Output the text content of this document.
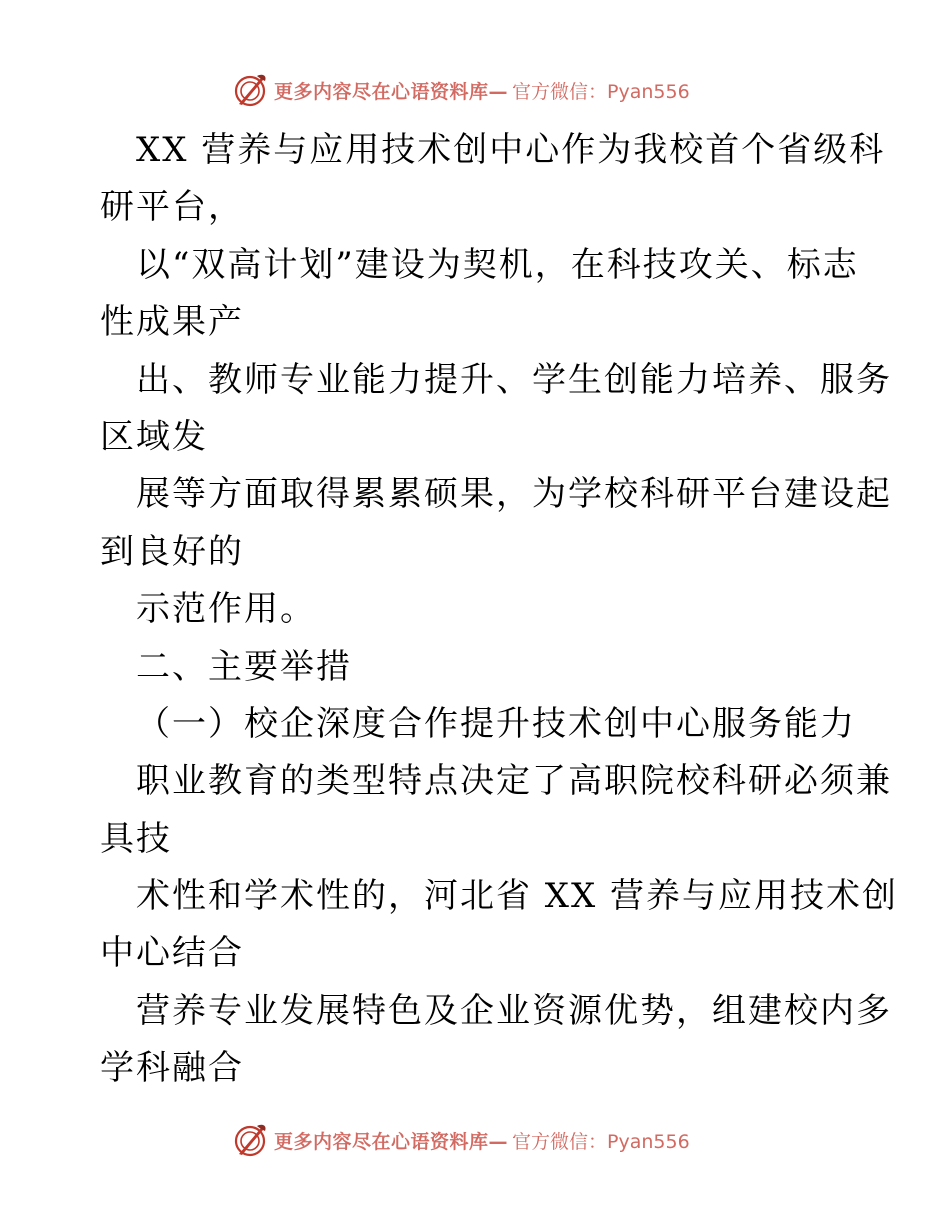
更多内容尽在心语资料库— 官方微信：Pyan556
XX 营养与应用技术创中心作为我校首个省级科
研平台，
以“双高计划”建设为契机，在科技攻关、标志
性成果产
出、教师专业能力提升、学生创能力培养、服务
区域发
展等方面取得累累硕果，为学校科研平台建设起
到良好的
示范作用。
二、主要举措
（一）校企深度合作提升技术创中心服务能力
职业教育的类型特点决定了高职院校科研必须兼
具技
术性和学术性的，河北省 XX 营养与应用技术创
中心结合
营养专业发展特色及企业资源优势，组建校内多
学科融合
更多内容尽在心语资料库— 官方微信：Pyan556
